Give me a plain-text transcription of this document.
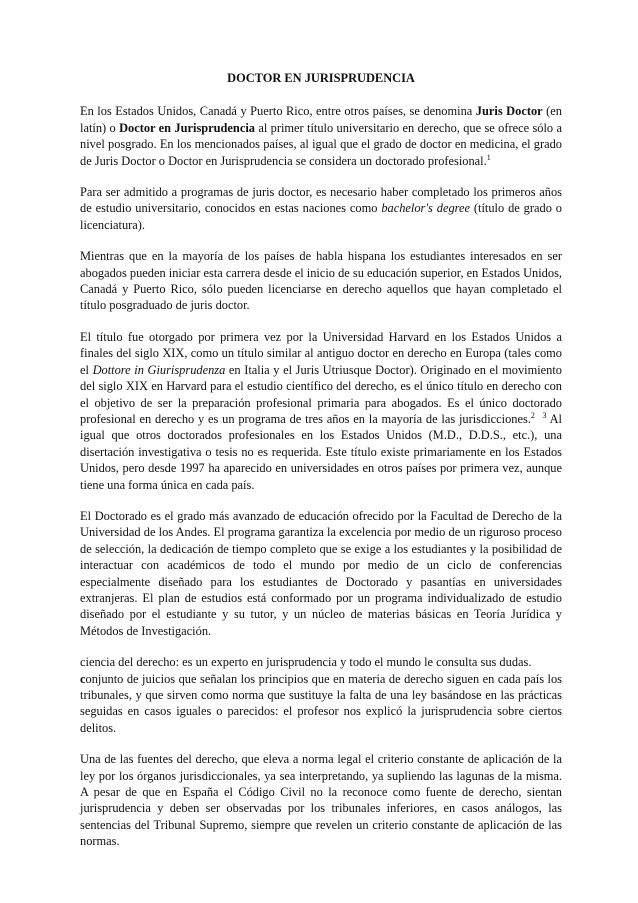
DOCTOR EN JURISPRUDENCIA

En los Estados Unidos, Canadá y Puerto Rico, entre otros países, se denomina Juris Doctor (en latín) o Doctor en Jurisprudencia al primer título universitario en derecho, que se ofrece sólo a nivel posgrado. En los mencionados países, al igual que el grado de doctor en medicina, el grado de Juris Doctor o Doctor en Jurisprudencia se considera un doctorado profesional.$^1$

Para ser admitido a programas de juris doctor, es necesario haber completado los primeros años de estudio universitario, conocidos en estas naciones como bachelor's degree (título de grado o licenciatura).

Mientras que en la mayoría de los países de habla hispana los estudiantes interesados en ser abogados pueden iniciar esta carrera desde el inicio de su educación superior, en Estados Unidos, Canadá y Puerto Rico, sólo pueden licenciarse en derecho aquellos que hayan completado el título posgraduado de juris doctor.

El título fue otorgado por primera vez por la Universidad Harvard en los Estados Unidos a finales del siglo XIX, como un título similar al antiguo doctor en derecho en Europa (tales como el Dottore in Giurisprudenza en Italia y el Juris Utriusque Doctor). Originado en el movimiento del siglo XIX en Harvard para el estudio científico del derecho, es el único título en derecho con el objetivo de ser la preparación profesional primaria para abogados. Es el único doctorado profesional en derecho y es un programa de tres años en la mayoría de las jurisdicciones.$^2$ $^3$ Al igual que otros doctorados profesionales en los Estados Unidos (M.D., D.D.S., etc.), una disertación investigativa o tesis no es requerida. Este título existe primariamente en los Estados Unidos, pero desde 1997 ha aparecido en universidades en otros países por primera vez, aunque tiene una forma única en cada país.

El Doctorado es el grado más avanzado de educación ofrecido por la Facultad de Derecho de la Universidad de los Andes. El programa garantiza la excelencia por medio de un riguroso proceso de selección, la dedicación de tiempo completo que se exige a los estudiantes y la posibilidad de interactuar con académicos de todo el mundo por medio de un ciclo de conferencias especialmente diseñado para los estudiantes de Doctorado y pasantías en universidades extranjeras. El plan de estudios está conformado por un programa individualizado de estudio diseñado por el estudiante y su tutor, y un núcleo de materias básicas en Teoría Jurídica y Métodos de Investigación.

ciencia del derecho: es un experto en jurisprudencia y todo el mundo le consulta sus dudas.

conjunto de juicios que señalan los principios que en materia de derecho siguen en cada país los tribunales, y que sirven como norma que sustituye la falta de una ley basándose en las prácticas seguidas en casos iguales o parecidos: el profesor nos explicó la jurisprudencia sobre ciertos delitos.

Una de las fuentes del derecho, que eleva a norma legal el criterio constante de aplicación de la ley por los órganos jurisdiccionales, ya sea interpretando, ya supliendo las lagunas de la misma. A pesar de que en España el Código Civil no la reconoce como fuente de derecho, sientan jurisprudencia y deben ser observadas por los tribunales inferiores, en casos análogos, las sentencias del Tribunal Supremo, siempre que revelen un criterio constante de aplicación de las normas.
